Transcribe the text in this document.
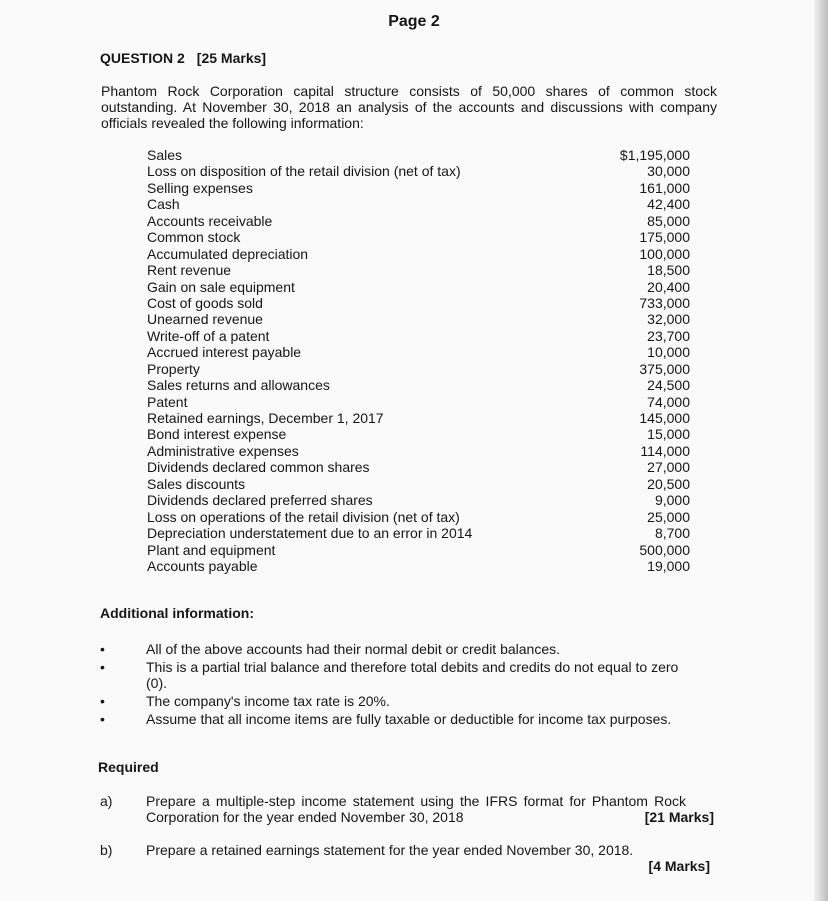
Page 2
QUESTION 2 [25 Marks]
Phantom Rock Corporation capital structure consists of 50,000 shares of common stock outstanding. At November 30, 2018 an analysis of the accounts and discussions with company officials revealed the following information:
Sales	$1,195,000
Loss on disposition of the retail division (net of tax)	30,000
Selling expenses	161,000
Cash	42,400
Accounts receivable	85,000
Common stock	175,000
Accumulated depreciation	100,000
Rent revenue	18,500
Gain on sale equipment	20,400
Cost of goods sold	733,000
Unearned revenue	32,000
Write-off of a patent	23,700
Accrued interest payable	10,000
Property	375,000
Sales returns and allowances	24,500
Patent	74,000
Retained earnings, December 1, 2017	145,000
Bond interest expense	15,000
Administrative expenses	114,000
Dividends declared common shares	27,000
Sales discounts	20,500
Dividends declared preferred shares	9,000
Loss on operations of the retail division (net of tax)	25,000
Depreciation understatement due to an error in 2014	8,700
Plant and equipment	500,000
Accounts payable	19,000
Additional information:
•
All of the above accounts had their normal debit or credit balances.
•
This is a partial trial balance and therefore total debits and credits do not equal to zero (0).
•
The company's income tax rate is 20%.
•
Assume that all income items are fully taxable or deductible for income tax purposes.
Required
a)	Prepare a multiple-step income statement using the IFRS format for Phantom Rock Corporation for the year ended November 30, 2018	[21 Marks]
b)	Prepare a retained earnings statement for the year ended November 30, 2018.
[4 Marks]
